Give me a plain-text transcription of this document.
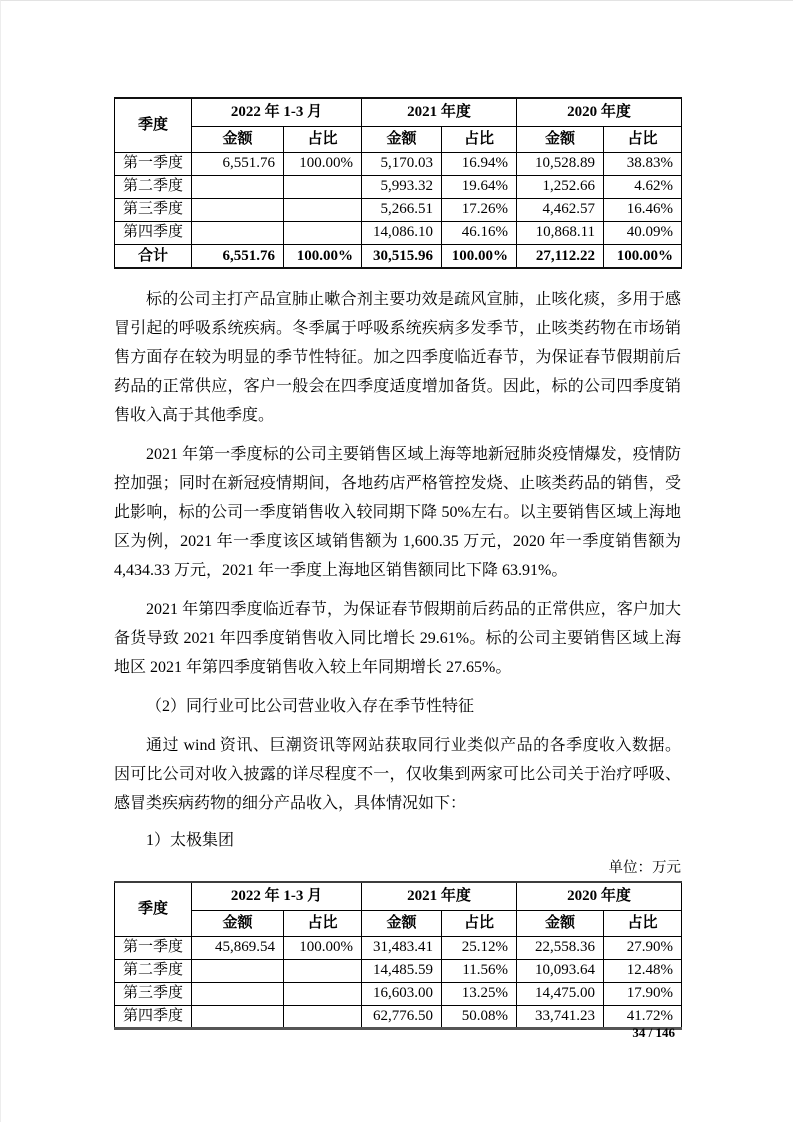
季度	2022 年 1-3 月		2021 年度		2020 年度	
	金额	占比	金额	占比	金额	占比
第一季度	6,551.76	100.00%	5,170.03	16.94%	10,528.89	38.83%
第二季度			5,993.32	19.64%	1,252.66	4.62%
第三季度			5,266.51	17.26%	4,462.57	16.46%
第四季度			14,086.10	46.16%	10,868.11	40.09%
合计	6,551.76	100.00%	30,515.96	100.00%	27,112.22	100.00%

标的公司主打产品宣肺止嗽合剂主要功效是疏风宣肺，止咳化痰，多用于感冒引起的呼吸系统疾病。冬季属于呼吸系统疾病多发季节，止咳类药物在市场销售方面存在较为明显的季节性特征。加之四季度临近春节，为保证春节假期前后药品的正常供应，客户一般会在四季度适度增加备货。因此，标的公司四季度销售收入高于其他季度。

2021 年第一季度标的公司主要销售区域上海等地新冠肺炎疫情爆发，疫情防控加强；同时在新冠疫情期间，各地药店严格管控发烧、止咳类药品的销售，受此影响，标的公司一季度销售收入较同期下降 50%左右。以主要销售区域上海地区为例，2021 年一季度该区域销售额为 1,600.35 万元，2020 年一季度销售额为 4,434.33 万元，2021 年一季度上海地区销售额同比下降 63.91%。

2021 年第四季度临近春节，为保证春节假期前后药品的正常供应，客户加大备货导致 2021 年四季度销售收入同比增长 29.61%。标的公司主要销售区域上海地区 2021 年第四季度销售收入较上年同期增长 27.65%。

（2）同行业可比公司营业收入存在季节性特征

通过 wind 资讯、巨潮资讯等网站获取同行业类似产品的各季度收入数据。因可比公司对收入披露的详尽程度不一，仅收集到两家可比公司关于治疗呼吸、感冒类疾病药物的细分产品收入，具体情况如下：

1）太极集团

单位：万元
季度	2022 年 1-3 月		2021 年度		2020 年度	
	金额	占比	金额	占比	金额	占比
第一季度	45,869.54	100.00%	31,483.41	25.12%	22,558.36	27.90%
第二季度			14,485.59	11.56%	10,093.64	12.48%
第三季度			16,603.00	13.25%	14,475.00	17.90%
第四季度			62,776.50	50.08%	33,741.23	41.72%
34 / 146
